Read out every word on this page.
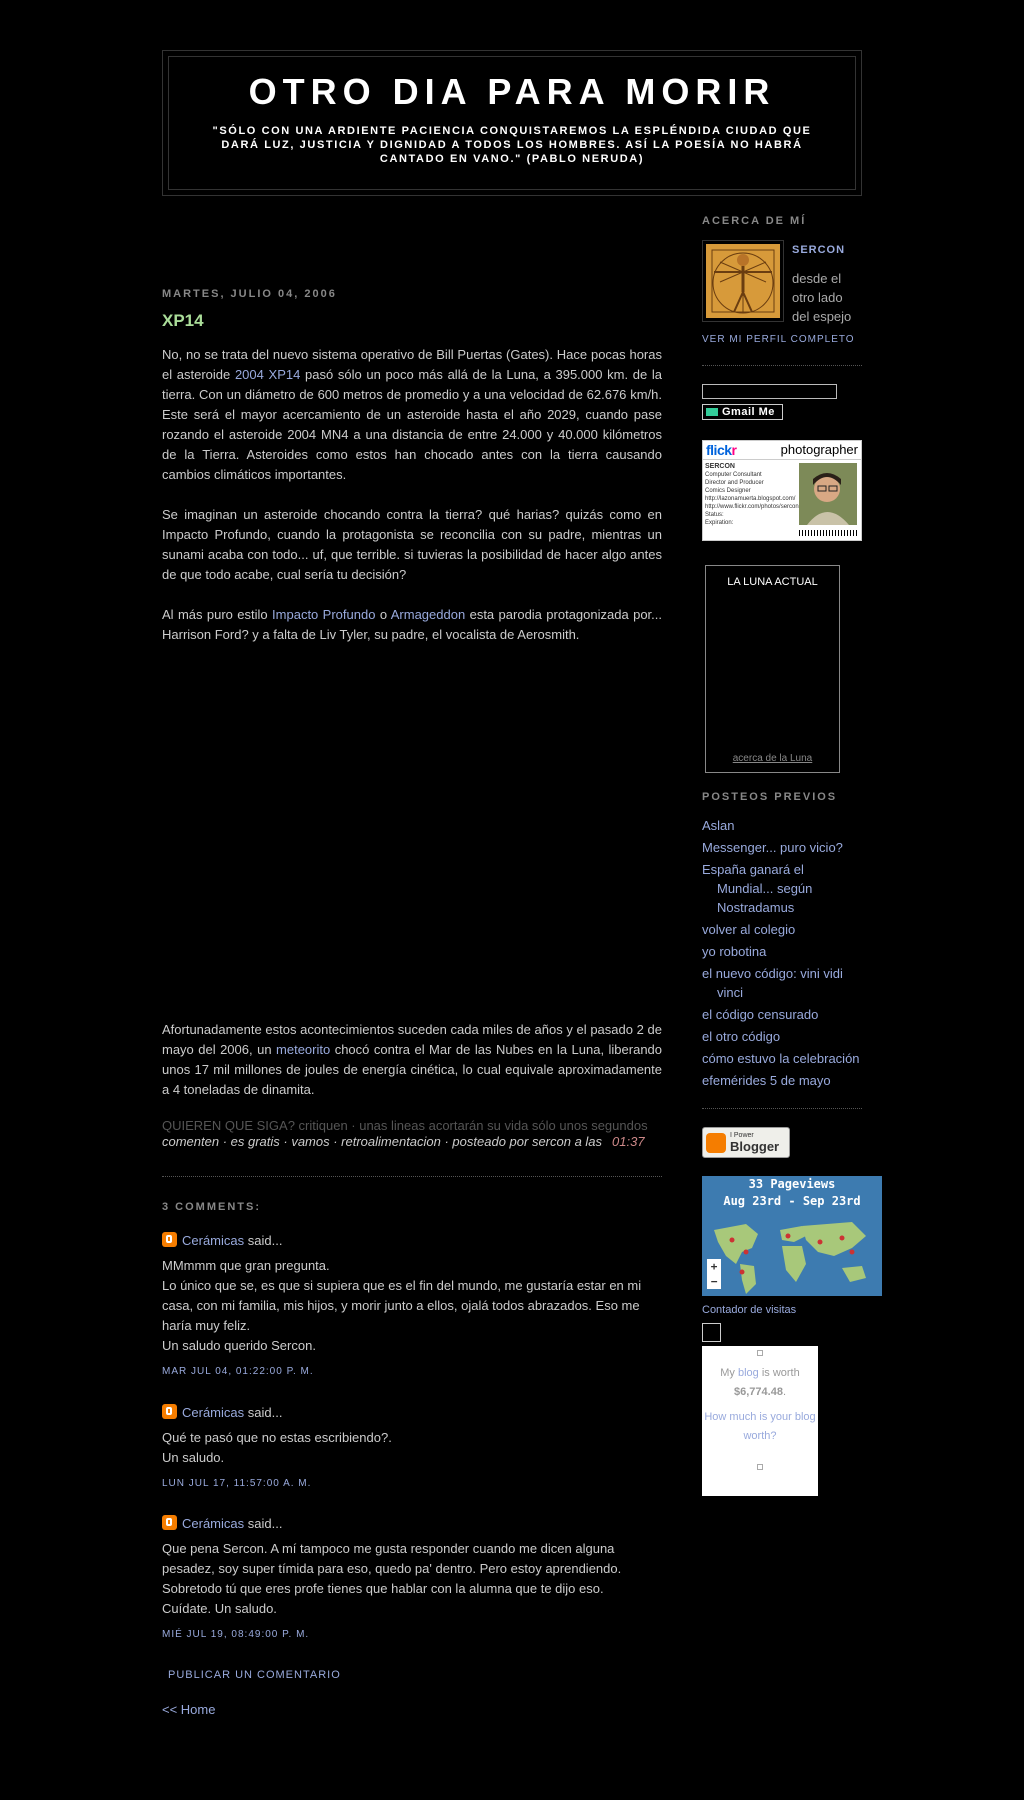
OTRO DIA PARA MORIR

"SÓLO CON UNA ARDIENTE PACIENCIA CONQUISTAREMOS LA ESPLÉNDIDA CIUDAD QUE DARÁ LUZ, JUSTICIA Y DIGNIDAD A TODOS LOS HOMBRES. ASÍ LA POESÍA NO HABRÁ CANTADO EN VANO." (PABLO NERUDA)

MARTES, JULIO 04, 2006
XP14

No, no se trata del nuevo sistema operativo de Bill Puertas (Gates). Hace pocas horas el asteroide 2004 XP14 pasó sólo un poco más allá de la Luna, a 395.000 km. de la tierra. Con un diámetro de 600 metros de promedio y a una velocidad de 62.676 km/h. Este será el mayor acercamiento de un asteroide hasta el año 2029, cuando pase rozando el asteroide 2004 MN4 a una distancia de entre 24.000 y 40.000 kilómetros de la Tierra. Asteroides como estos han chocado antes con la tierra causando cambios climáticos importantes.

Se imaginan un asteroide chocando contra la tierra? qué harias? quizás como en Impacto Profundo, cuando la protagonista se reconcilia con su padre, mientras un sunami acaba con todo... uf, que terrible. si tuvieras la posibilidad de hacer algo antes de que todo acabe, cual sería tu decisión?

Al más puro estilo Impacto Profundo o Armageddon esta parodia protagonizada por... Harrison Ford? y a falta de Liv Tyler, su padre, el vocalista de Aerosmith.

Afortunadamente estos acontecimientos suceden cada miles de años y el pasado 2 de mayo del 2006, un meteorito chocó contra el Mar de las Nubes en la Luna, liberando unos 17 mil millones de joules de energía cinética, lo cual equivale aproximadamente a 4 toneladas de dinamita.

QUIEREN QUE SIGA? critiquen · unas lineas acortarán su vida sólo unos segundos
comenten · es gratis · vamos · retroalimentacion · posteado por sercon a las 01:37
3 COMMENTS:
Cerámicas said...

MMmmm que gran pregunta.

Lo único que se, es que si supiera que es el fin del mundo, me gustaría estar en mi casa, con mi familia, mis hijos, y morir junto a ellos, ojalá todos abrazados. Eso me haría muy feliz.

Un saludo querido Sercon.

MAR JUL 04, 01:22:00 P. M.
Cerámicas said...

Qué te pasó que no estas escribiendo?.

Un saludo.

LUN JUL 17, 11:57:00 A. M.
Cerámicas said...

Que pena Sercon. A mí tampoco me gusta responder cuando me dicen alguna pesadez, soy super tímida para eso, quedo pa' dentro. Pero estoy aprendiendo. Sobretodo tú que eres profe tienes que hablar con la alumna que te dijo eso.

Cuídate. Un saludo.

MIÉ JUL 19, 08:49:00 P. M.
PUBLICAR UN COMENTARIO
<< Home
ACERCA DE MÍ
SERCON
desde el otro lado del espejo
VER MI PERFIL COMPLETO
Gmail Me
flickr	photographer
SERCON
Computer Consultant
Director and Producer
Comics Designer
http://lazonamuerta.blogspot.com/
http://www.flickr.com/photos/sercon
Status:
Expiration:
LA LUNA ACTUAL
acerca de la Luna
POSTEOS PREVIOS
Aslan
Messenger... puro vicio?
España ganará el Mundial... según Nostradamus
volver al colegio
yo robotina
el nuevo código: vini vidi vinci
el código censurado
el otro código
cómo estuvo la celebración
efemérides 5 de mayo
I Power
Blogger
33 Pageviews
Aug 23rd - Sep 23rd
+
−
Contador de visitas
My blog is worth
$6,774.48.
How much is your blog worth?
